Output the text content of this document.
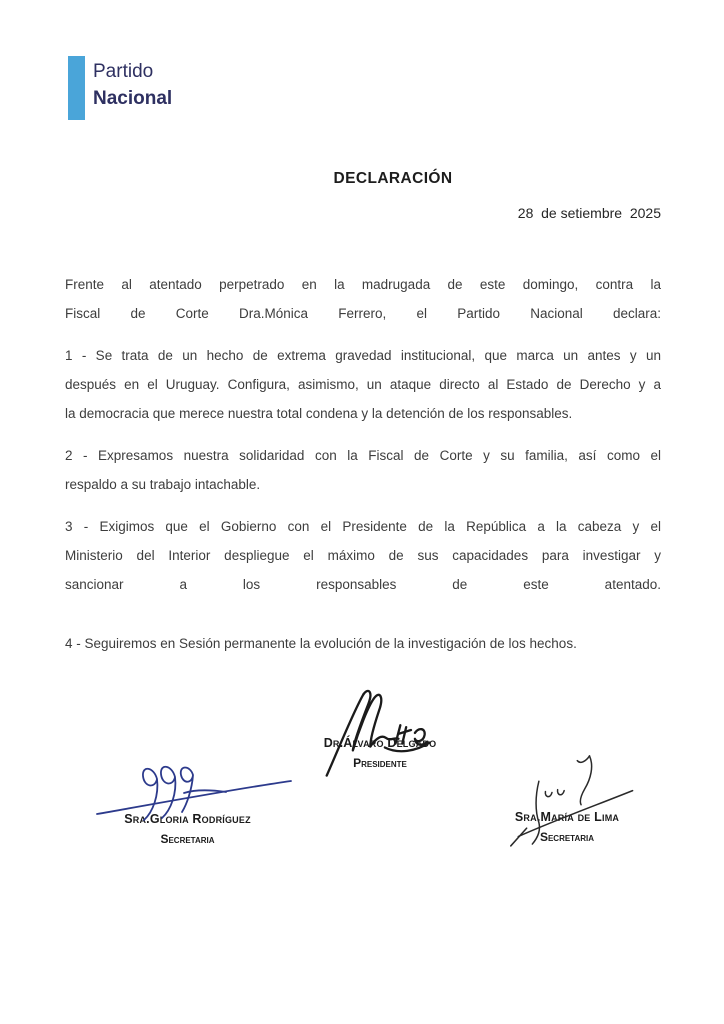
Partido
Nacional
DECLARACIÓN
28  de setiembre  2025
Frente al atentado perpetrado en la madrugada de este domingo, contra la
Fiscal de Corte Dra.Mónica Ferrero, el Partido Nacional declara:
1 - Se trata de un hecho de extrema gravedad institucional, que marca un antes y un
después en el Uruguay. Configura, asimismo, un ataque directo al Estado de Derecho y a
la democracia que merece nuestra total condena y la detención de los responsables.
2 - Expresamos nuestra solidaridad con la Fiscal de Corte y su familia, así como el
respaldo a su trabajo intachable.
3 - Exigimos que el Gobierno con el Presidente de la República a la cabeza y el
Ministerio del Interior despliegue el máximo de sus capacidades para investigar y
sancionar a los responsables de este atentado.
4 - Seguiremos en Sesión permanente la evolución de la investigación de los hechos.
Dr.Álvaro Delgado
Presidente
Sra.Gloria Rodríguez
Secretaria
Sra.María de Lima
Secretaria
